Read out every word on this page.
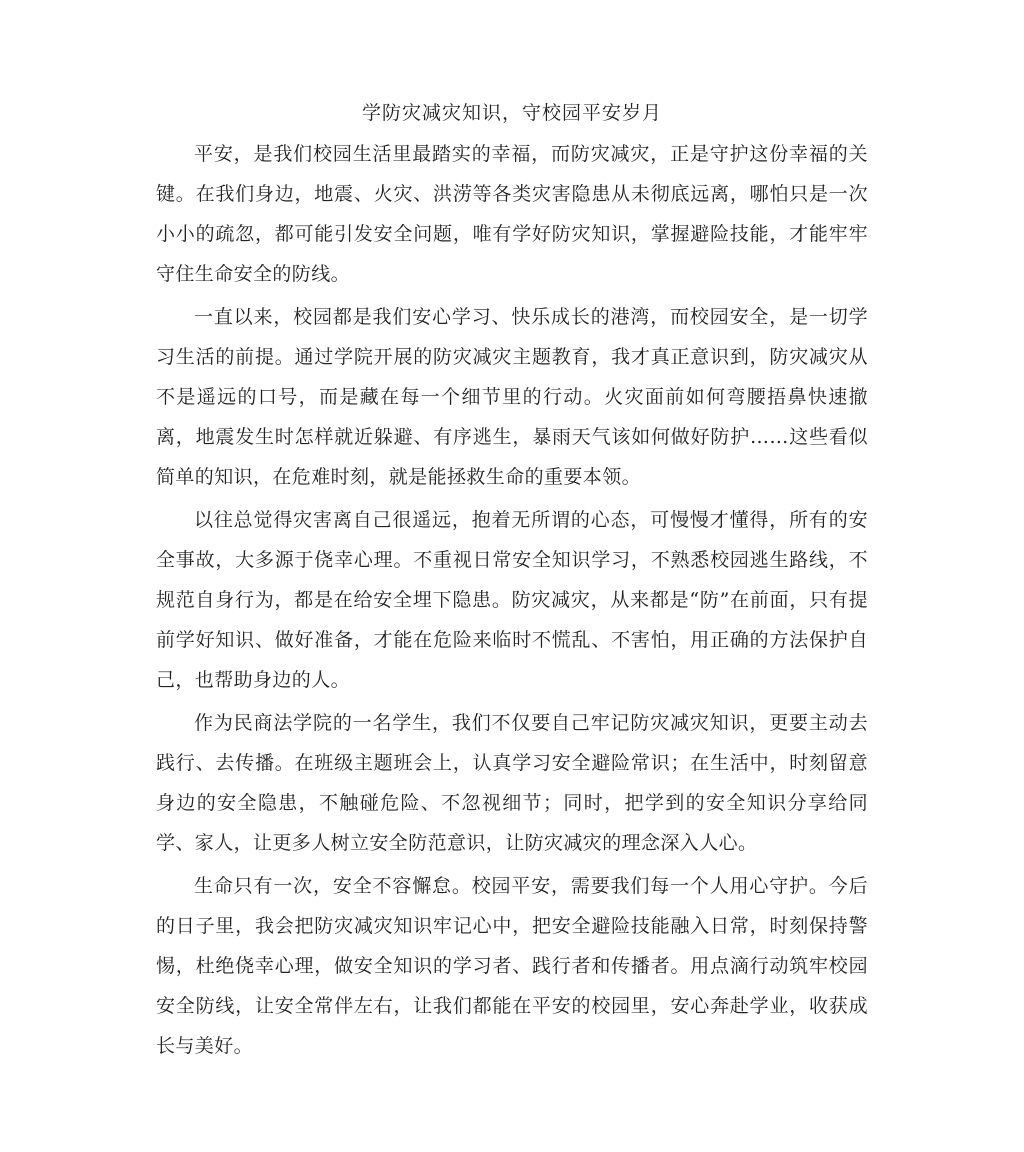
学防灾减灾知识，守校园平安岁月

平安，是我们校园生活里最踏实的幸福，而防灾减灾，正是守护这份幸福的关键。在我们身边，地震、火灾、洪涝等各类灾害隐患从未彻底远离，哪怕只是一次小小的疏忽，都可能引发安全问题，唯有学好防灾知识，掌握避险技能，才能牢牢守住生命安全的防线。

一直以来，校园都是我们安心学习、快乐成长的港湾，而校园安全，是一切学习生活的前提。通过学院开展的防灾减灾主题教育，我才真正意识到，防灾减灾从不是遥远的口号，而是藏在每一个细节里的行动。火灾面前如何弯腰捂鼻快速撤离，地震发生时怎样就近躲避、有序逃生，暴雨天气该如何做好防护……这些看似简单的知识，在危难时刻，就是能拯救生命的重要本领。

以往总觉得灾害离自己很遥远，抱着无所谓的心态，可慢慢才懂得，所有的安全事故，大多源于侥幸心理。不重视日常安全知识学习，不熟悉校园逃生路线，不规范自身行为，都是在给安全埋下隐患。防灾减灾，从来都是“防”在前面，只有提前学好知识、做好准备，才能在危险来临时不慌乱、不害怕，用正确的方法保护自己，也帮助身边的人。

作为民商法学院的一名学生，我们不仅要自己牢记防灾减灾知识，更要主动去践行、去传播。在班级主题班会上，认真学习安全避险常识；在生活中，时刻留意身边的安全隐患，不触碰危险、不忽视细节；同时，把学到的安全知识分享给同学、家人，让更多人树立安全防范意识，让防灾减灾的理念深入人心。

生命只有一次，安全不容懈怠。校园平安，需要我们每一个人用心守护。今后的日子里，我会把防灾减灾知识牢记心中，把安全避险技能融入日常，时刻保持警惕，杜绝侥幸心理，做安全知识的学习者、践行者和传播者。用点滴行动筑牢校园安全防线，让安全常伴左右，让我们都能在平安的校园里，安心奔赴学业，收获成长与美好。
